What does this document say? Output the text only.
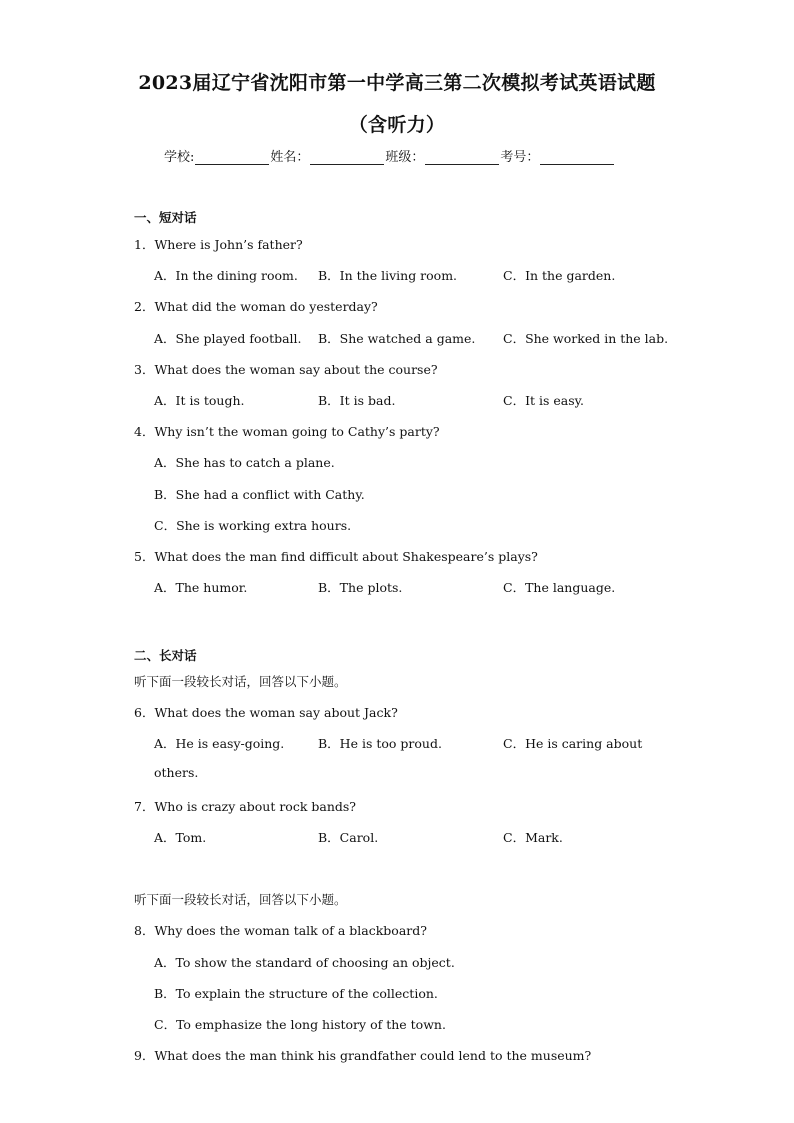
2023届辽宁省沈阳市第一中学高三第二次模拟考试英语试题
（含听力）
学校:	姓名：	班级：	考号：
一、短对话
1．Where is John’s father?
A．In the dining room. B．In the living room.	C．In the garden.
2．What did the woman do yesterday?
A．She played football. B．She watched a game. C．She worked in the lab.
3．What does the woman say about the course?
A．It is tough.	B．It is bad.	C．It is easy.
4．Why isn’t the woman going to Cathy’s party?
A．She has to catch a plane.
B．She had a conflict with Cathy.
C．She is working extra hours.
5．What does the man find difficult about Shakespeare’s plays?
A．The humor.	B．The plots.	C．The language.
二、长对话
听下面一段较长对话，回答以下小题。
6．What does the woman say about Jack?
A．He is easy-going.	B．He is too proud.	C．He is caring about
others.
7．Who is crazy about rock bands?
A．Tom.	B．Carol.	C．Mark.
听下面一段较长对话，回答以下小题。
8．Why does the woman talk of a blackboard?
A．To show the standard of choosing an object.
B．To explain the structure of the collection.
C．To emphasize the long history of the town.
9．What does the man think his grandfather could lend to the museum?
